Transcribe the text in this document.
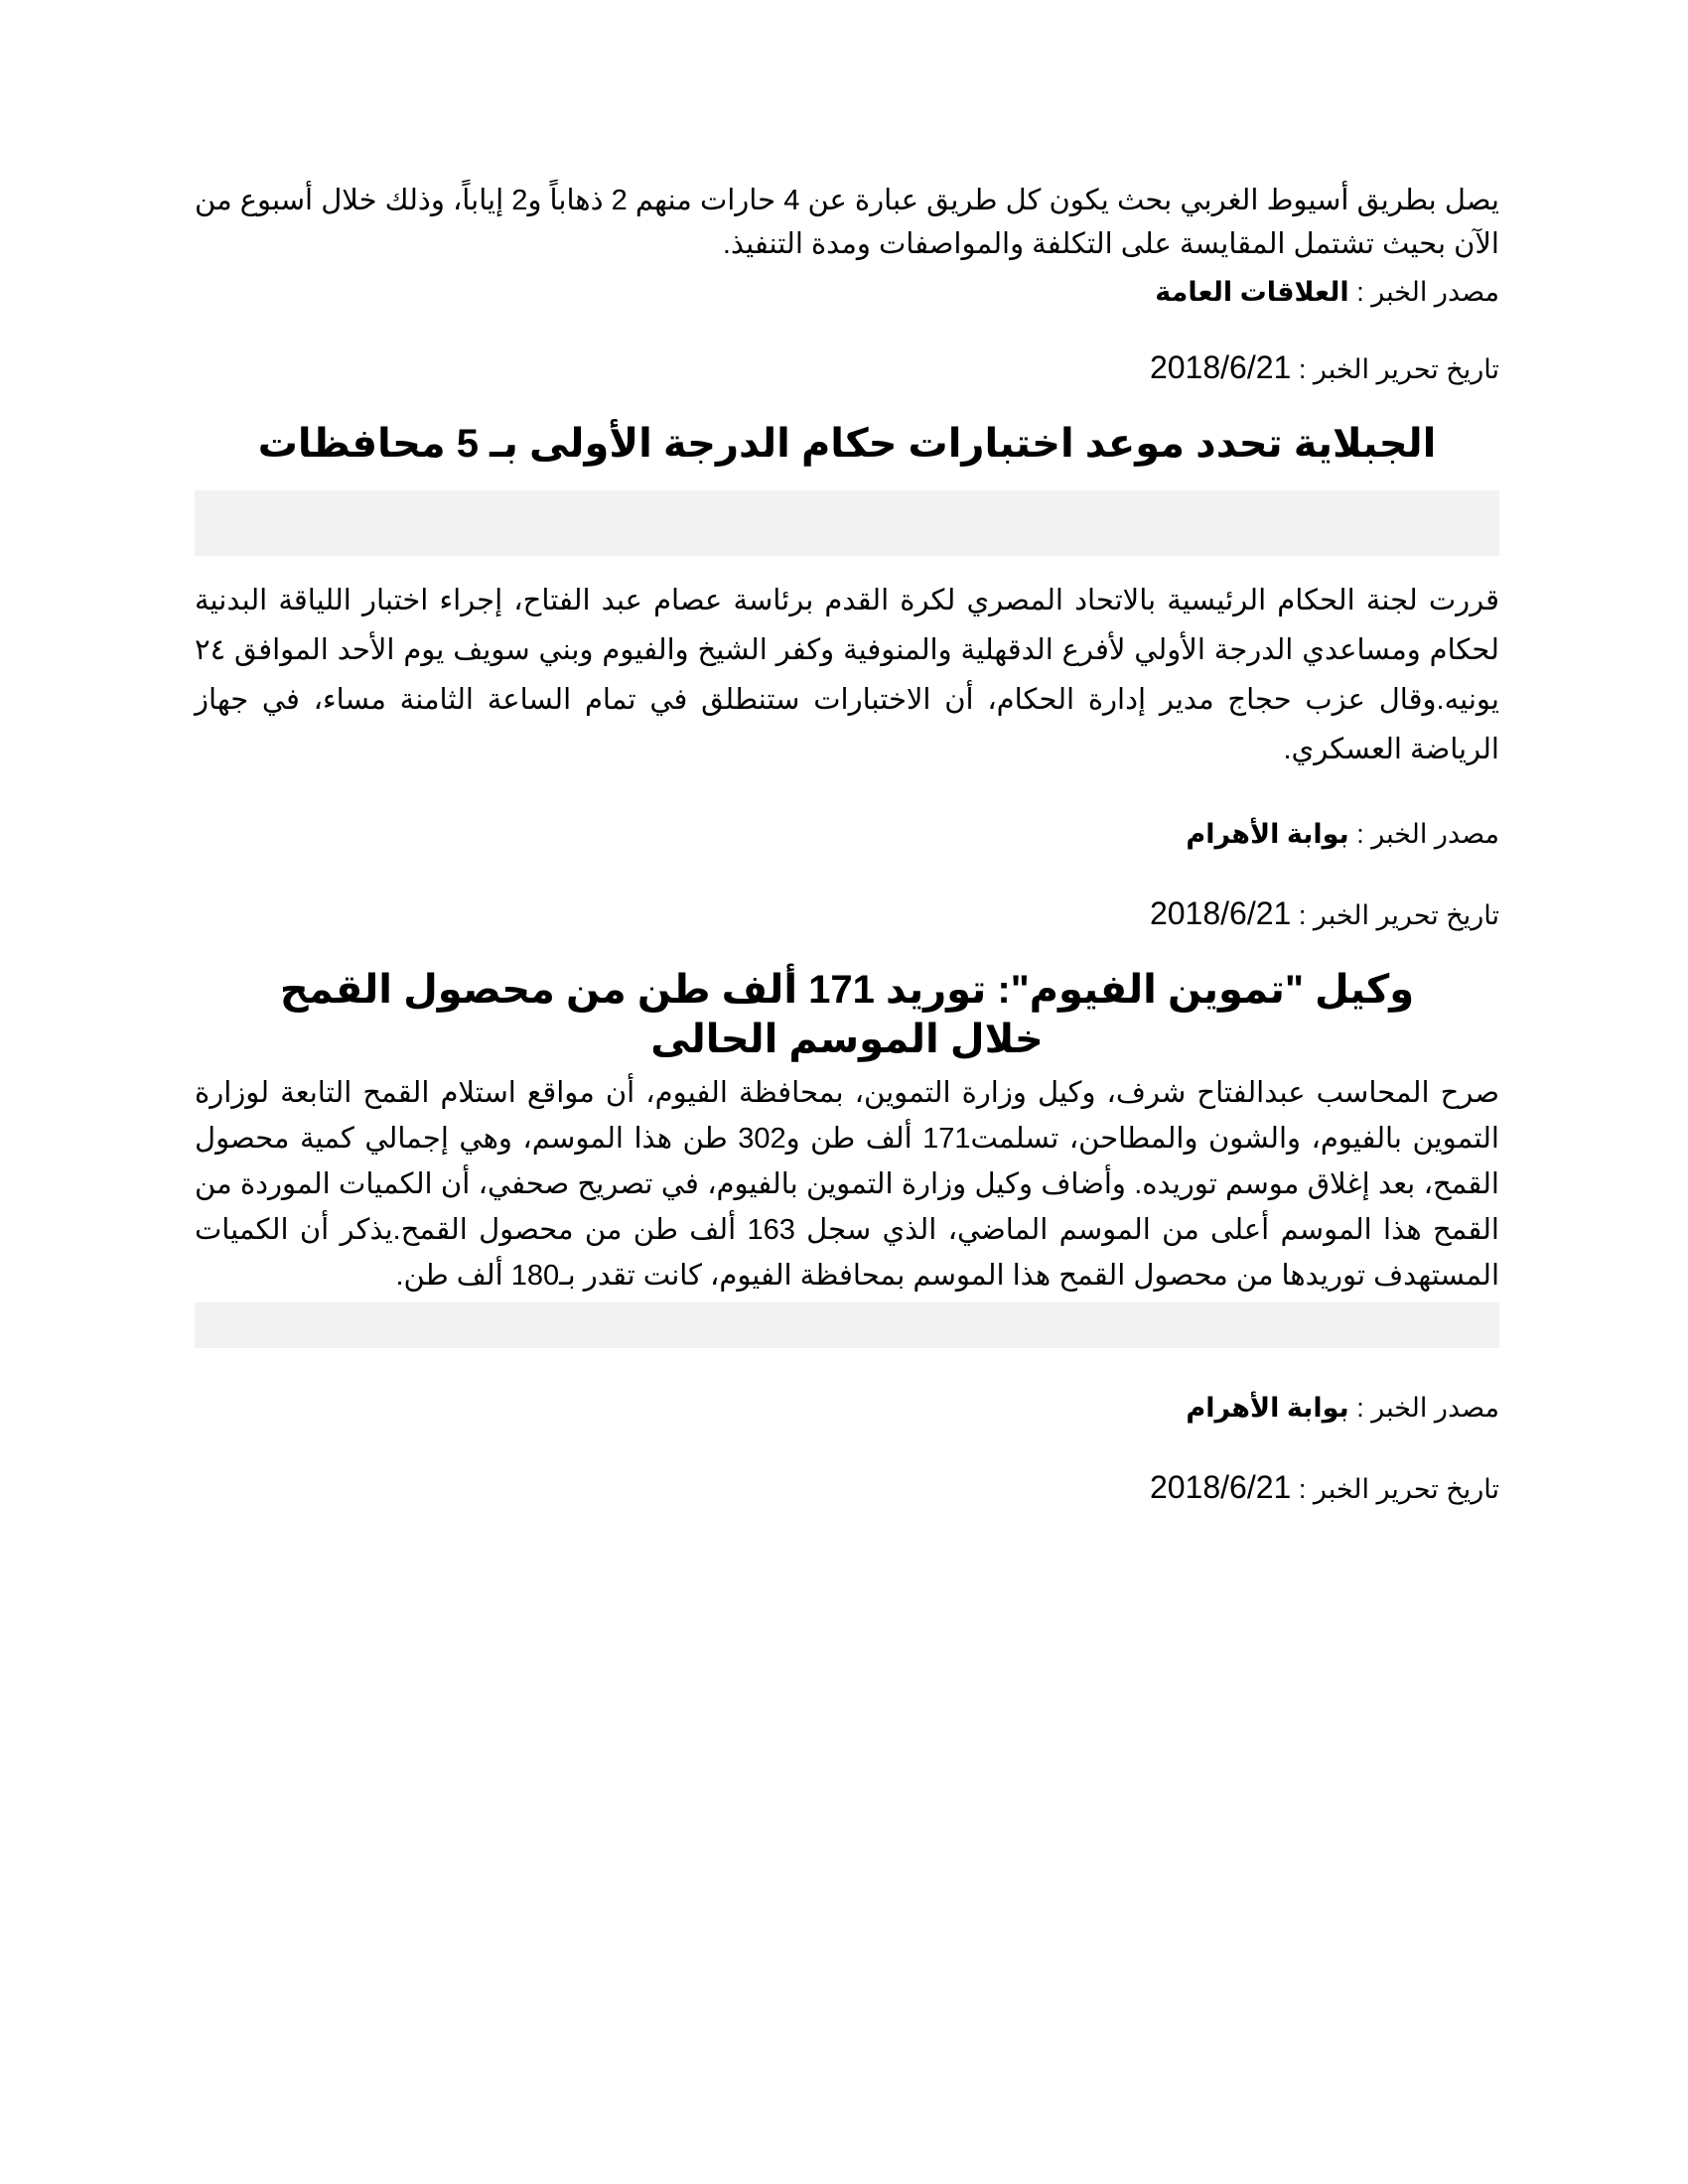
يصل بطريق أسيوط الغربي بحث يكون كل طريق عبارة عن 4 حارات منهم 2 ذهاباً و2 إياباً، وذلك خلال أسبوع من الآن بحيث تشتمل المقايسة على التكلفة والمواصفات ومدة التنفيذ.

مصدر الخبر : العلاقات العامة

تاريخ تحرير الخبر : 2018/6/21

الجبلاية تحدد موعد اختبارات حكام الدرجة الأولى بـ 5 محافظات

قررت لجنة الحكام الرئيسية بالاتحاد المصري لكرة القدم برئاسة عصام عبد الفتاح، إجراء اختبار اللياقة البدنية لحكام ومساعدي الدرجة الأولي لأفرع الدقهلية والمنوفية وكفر الشيخ والفيوم وبني سويف يوم الأحد الموافق ٢٤ يونيه.وقال عزب حجاج مدير إدارة الحكام، أن الاختبارات ستنطلق في تمام الساعة الثامنة مساء، في جهاز الرياضة العسكري.

مصدر الخبر : بوابة الأهرام

تاريخ تحرير الخبر : 2018/6/21

وكيل "تموين الفيوم": توريد 171 ألف طن من محصول القمح خلال الموسم الحالى

صرح المحاسب عبدالفتاح شرف، وكيل وزارة التموين، بمحافظة الفيوم، أن مواقع استلام القمح التابعة لوزارة التموين بالفيوم، والشون والمطاحن، تسلمت171 ألف طن و302 طن هذا الموسم، وهي إجمالي كمية محصول القمح، بعد إغلاق موسم توريده. وأضاف وكيل وزارة التموين بالفيوم، في تصريح صحفي، أن الكميات الموردة من القمح هذا الموسم أعلى من الموسم الماضي، الذي سجل 163 ألف طن من محصول القمح.يذكر أن الكميات المستهدف توريدها من محصول القمح هذا الموسم بمحافظة الفيوم، كانت تقدر بـ180 ألف طن.

مصدر الخبر : بوابة الأهرام

تاريخ تحرير الخبر : 2018/6/21
